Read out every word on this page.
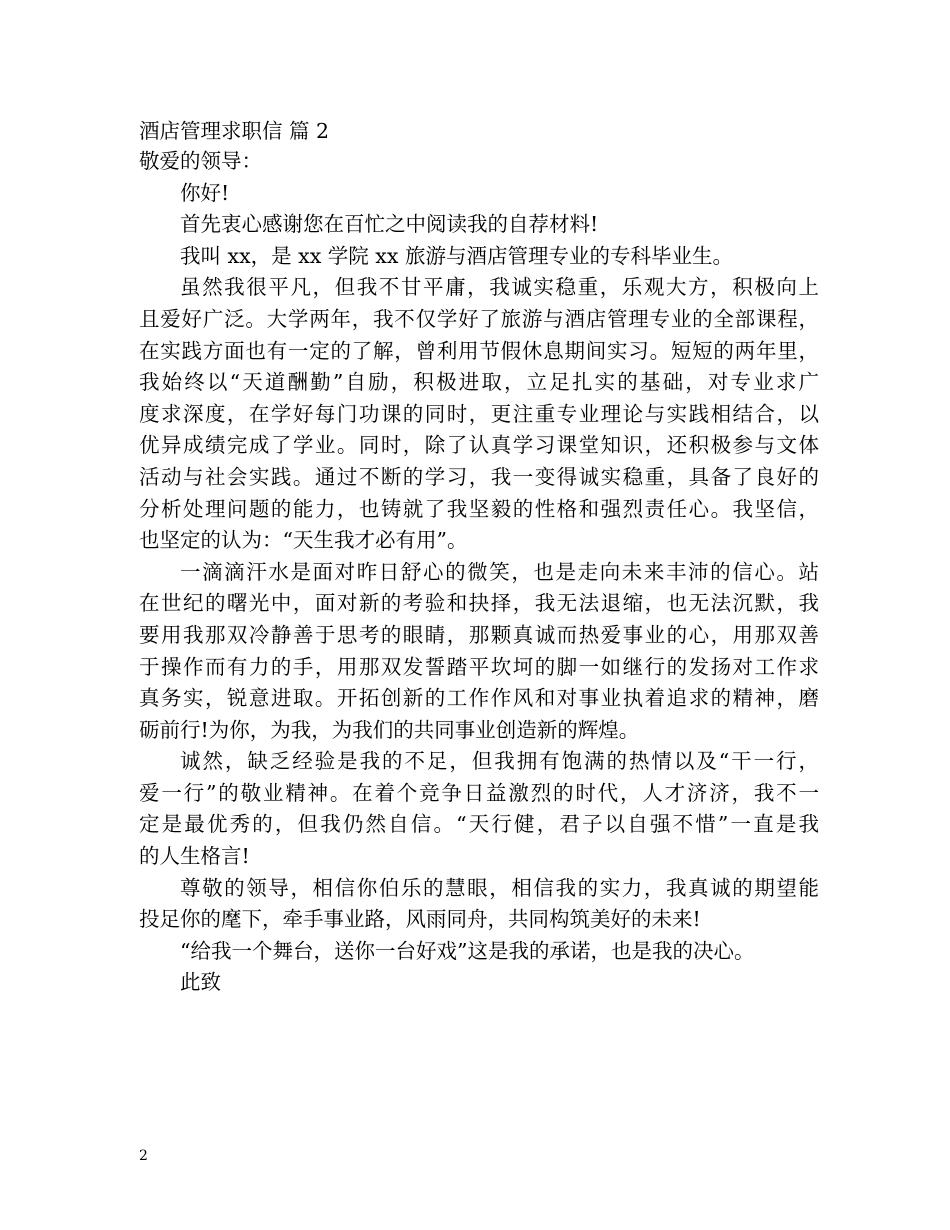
酒店管理求职信 篇 2
敬爱的领导：
你好!
首先衷心感谢您在百忙之中阅读我的自荐材料!
我叫 xx，是 xx 学院 xx 旅游与酒店管理专业的专科毕业生。
虽然我很平凡，但我不甘平庸，我诚实稳重，乐观大方，积极向上
且爱好广泛。大学两年，我不仅学好了旅游与酒店管理专业的全部课程，
在实践方面也有一定的了解，曾利用节假休息期间实习。短短的两年里，
我始终以“天道酬勤”自励，积极进取，立足扎实的基础，对专业求广
度求深度，在学好每门功课的同时，更注重专业理论与实践相结合，以
优异成绩完成了学业。同时，除了认真学习课堂知识，还积极参与文体
活动与社会实践。通过不断的学习，我一变得诚实稳重，具备了良好的
分析处理问题的能力，也铸就了我坚毅的性格和强烈责任心。我坚信，
也坚定的认为：“天生我才必有用”。
一滴滴汗水是面对昨日舒心的微笑，也是走向未来丰沛的信心。站
在世纪的曙光中，面对新的考验和抉择，我无法退缩，也无法沉默，我
要用我那双冷静善于思考的眼睛，那颗真诚而热爱事业的心，用那双善
于操作而有力的手，用那双发誓踏平坎坷的脚一如继行的发扬对工作求
真务实，锐意进取。开拓创新的工作作风和对事业执着追求的精神，磨
砺前行!为你，为我，为我们的共同事业创造新的辉煌。
诚然，缺乏经验是我的不足，但我拥有饱满的热情以及“干一行，
爱一行”的敬业精神。在着个竞争日益激烈的时代，人才济济，我不一
定是最优秀的，但我仍然自信。“天行健，君子以自强不惜”一直是我
的人生格言!
尊敬的领导，相信你伯乐的慧眼，相信我的实力，我真诚的期望能
投足你的麾下，牵手事业路，风雨同舟，共同构筑美好的未来!
“给我一个舞台，送你一台好戏”这是我的承诺，也是我的决心。
此致
2
